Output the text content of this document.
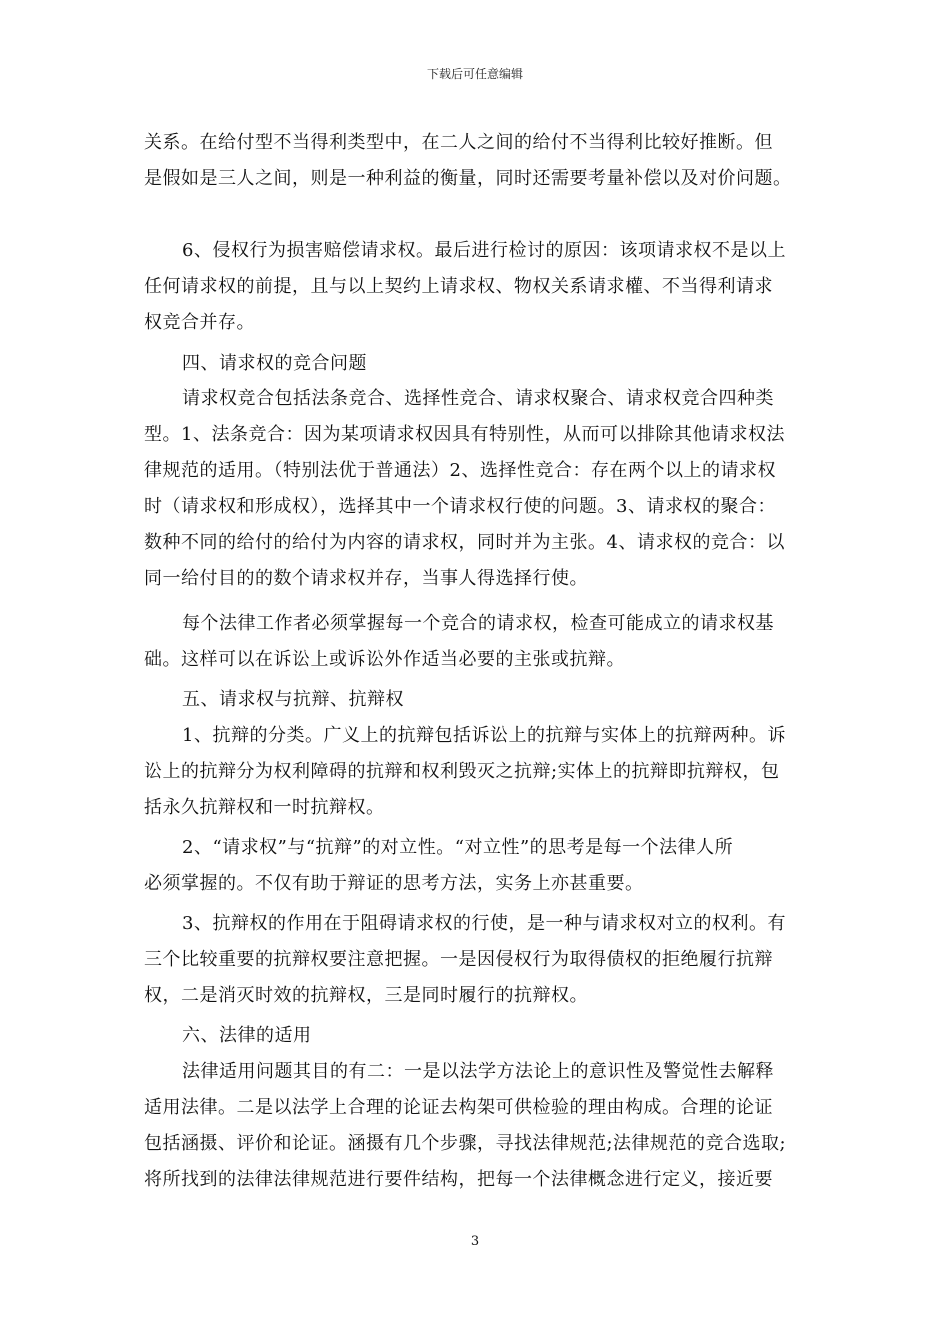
下载后可任意编辑
关系。在给付型不当得利类型中，在二人之间的给付不当得利比较好推断。但
是假如是三人之间，则是一种利益的衡量，同时还需要考量补偿以及对价问题。
6、侵权行为损害赔偿请求权。最后进行检讨的原因：该项请求权不是以上
任何请求权的前提，且与以上契约上请求权、物权关系请求權、不当得利请求
权竞合并存。
四、请求权的竞合问题
请求权竞合包括法条竞合、选择性竞合、请求权聚合、请求权竞合四种类
型。1、法条竞合：因为某项请求权因具有特别性，从而可以排除其他请求权法
律规范的适用。（特别法优于普通法）2、选择性竞合：存在两个以上的请求权
时（请求权和形成权），选择其中一个请求权行使的问题。3、请求权的聚合：
数种不同的给付的给付为内容的请求权，同时并为主张。4、请求权的竞合：以
同一给付目的的数个请求权并存，当事人得选择行使。
每个法律工作者必须掌握每一个竞合的请求权，检查可能成立的请求权基
础。这样可以在诉讼上或诉讼外作适当必要的主张或抗辩。
五、请求权与抗辩、抗辩权
1、抗辩的分类。广义上的抗辩包括诉讼上的抗辩与实体上的抗辩两种。诉
讼上的抗辩分为权利障碍的抗辩和权利毁灭之抗辩;实体上的抗辩即抗辩权，包
括永久抗辩权和一时抗辩权。
2、“请求权”与“抗辩”的对立性。“对立性”的思考是每一个法律人所
必须掌握的。不仅有助于辩证的思考方法，实务上亦甚重要。
3、抗辩权的作用在于阻碍请求权的行使，是一种与请求权对立的权利。有
三个比较重要的抗辩权要注意把握。一是因侵权行为取得债权的拒绝履行抗辩
权，二是消灭时效的抗辩权，三是同时履行的抗辩权。
六、法律的适用
法律适用问题其目的有二：一是以法学方法论上的意识性及警觉性去解释
适用法律。二是以法学上合理的论证去构架可供检验的理由构成。合理的论证
包括涵摄、评价和论证。涵摄有几个步骤，寻找法律规范;法律规范的竞合选取;
将所找到的法律法律规范进行要件结构，把每一个法律概念进行定义，接近要
3
